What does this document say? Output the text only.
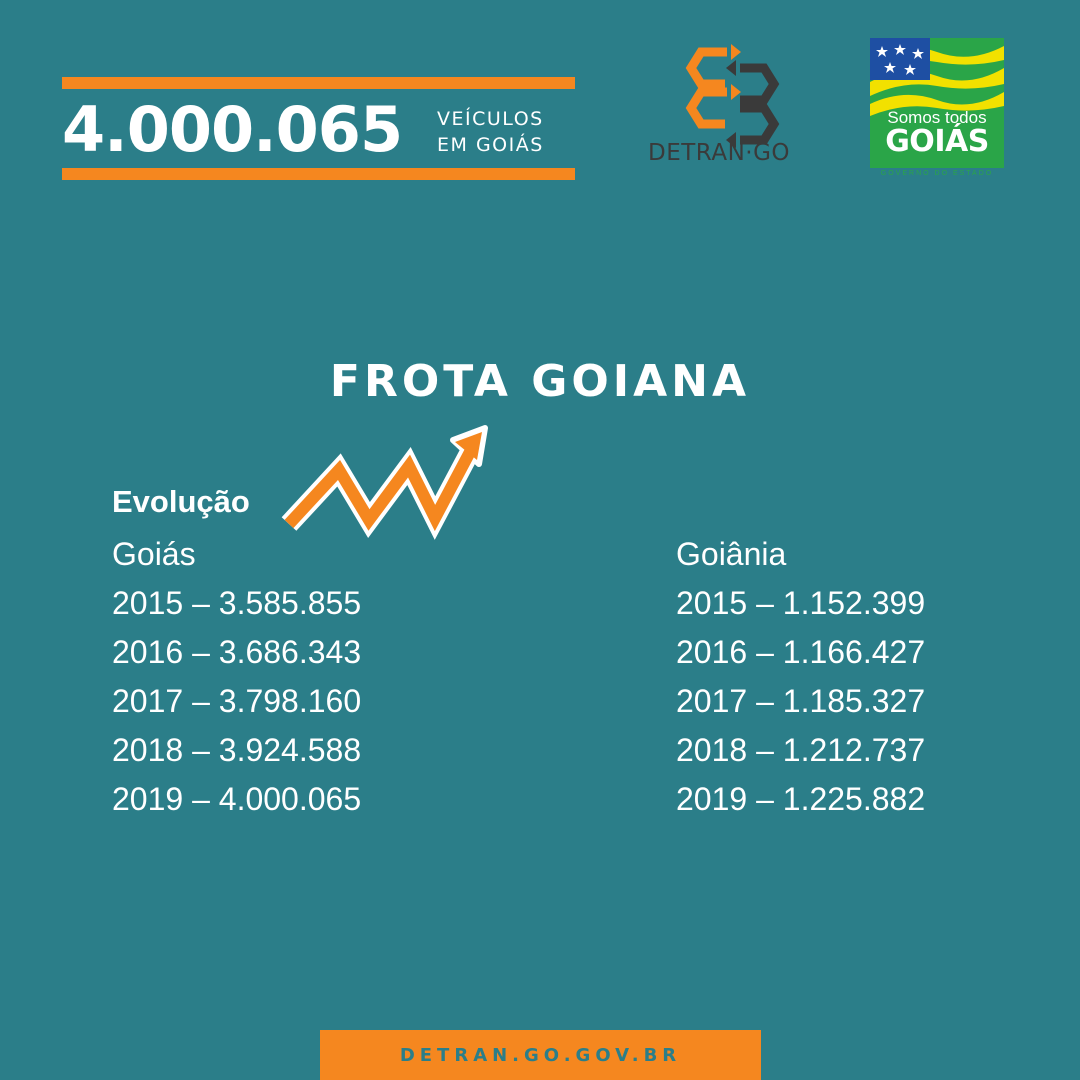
4.000.065 VEÍCULOS
EM GOIÁS	DETRAN·GO
Somos todos
GOIÁS
GOVERNO DO ESTADO
FROTA GOIANA
Evolução
Goiás
2015 – 3.585.855
2016 – 3.686.343
2017 – 3.798.160
2018 – 3.924.588
2019 – 4.000.065
Goiânia
2015 – 1.152.399
2016 – 1.166.427
2017 – 1.185.327
2018 – 1.212.737
2019 – 1.225.882
DETRAN.GO.GOV.BR
